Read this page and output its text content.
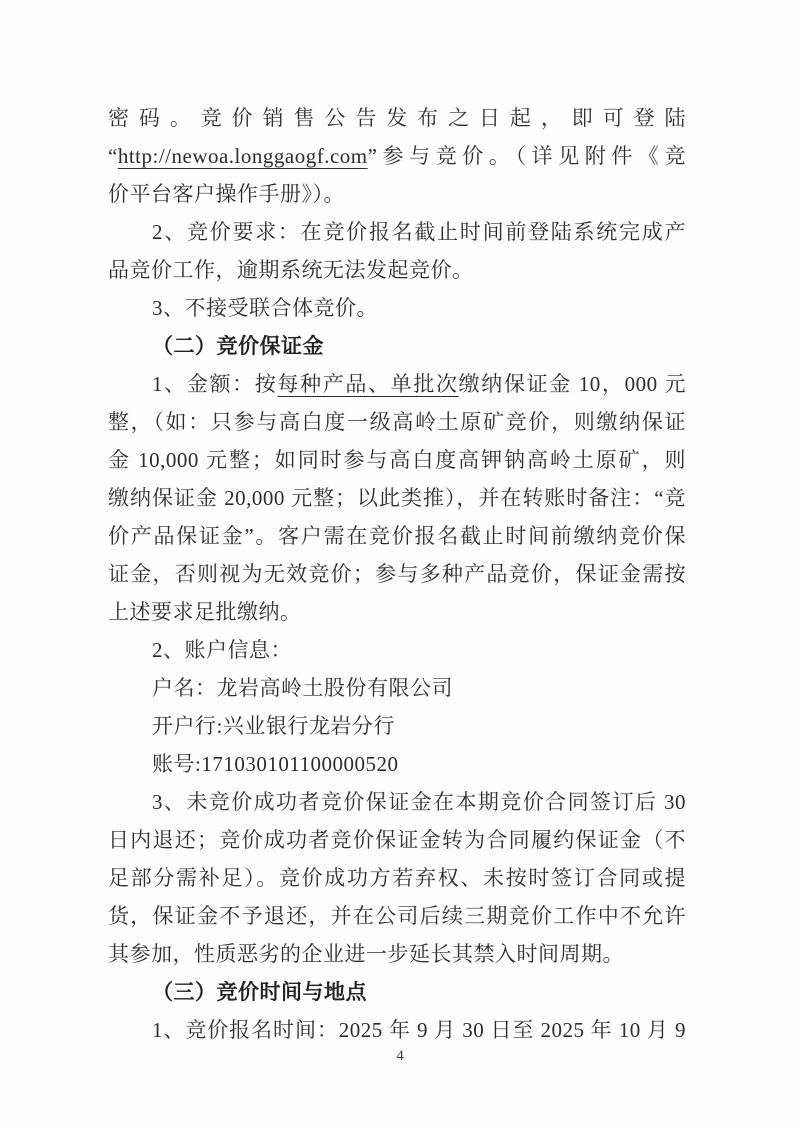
密码。竞价销售公告发布之日起，即可登陆
“http://newoa.longgaogf.com”参与竞价。（详见附件《竞
价平台客户操作手册》）。
2、竞价要求：在竞价报名截止时间前登陆系统完成产
品竞价工作，逾期系统无法发起竞价。
3、不接受联合体竞价。
（二）竞价保证金
1、金额：按每种产品、单批次缴纳保证金 10，000 元
整，（如：只参与高白度一级高岭土原矿竞价，则缴纳保证
金 10,000 元整；如同时参与高白度高钾钠高岭土原矿，则
缴纳保证金 20,000 元整；以此类推），并在转账时备注：“竞
价产品保证金”。客户需在竞价报名截止时间前缴纳竞价保
证金，否则视为无效竞价；参与多种产品竞价，保证金需按
上述要求足批缴纳。
2、账户信息：
户名：龙岩高岭土股份有限公司
开户行:兴业银行龙岩分行
账号:171030101100000520
3、未竞价成功者竞价保证金在本期竞价合同签订后 30
日内退还；竞价成功者竞价保证金转为合同履约保证金（不
足部分需补足）。竞价成功方若弃权、未按时签订合同或提
货，保证金不予退还，并在公司后续三期竞价工作中不允许
其参加，性质恶劣的企业进一步延长其禁入时间周期。
（三）竞价时间与地点
1、竞价报名时间：2025 年 9 月 30 日至 2025 年 10 月 9
4
